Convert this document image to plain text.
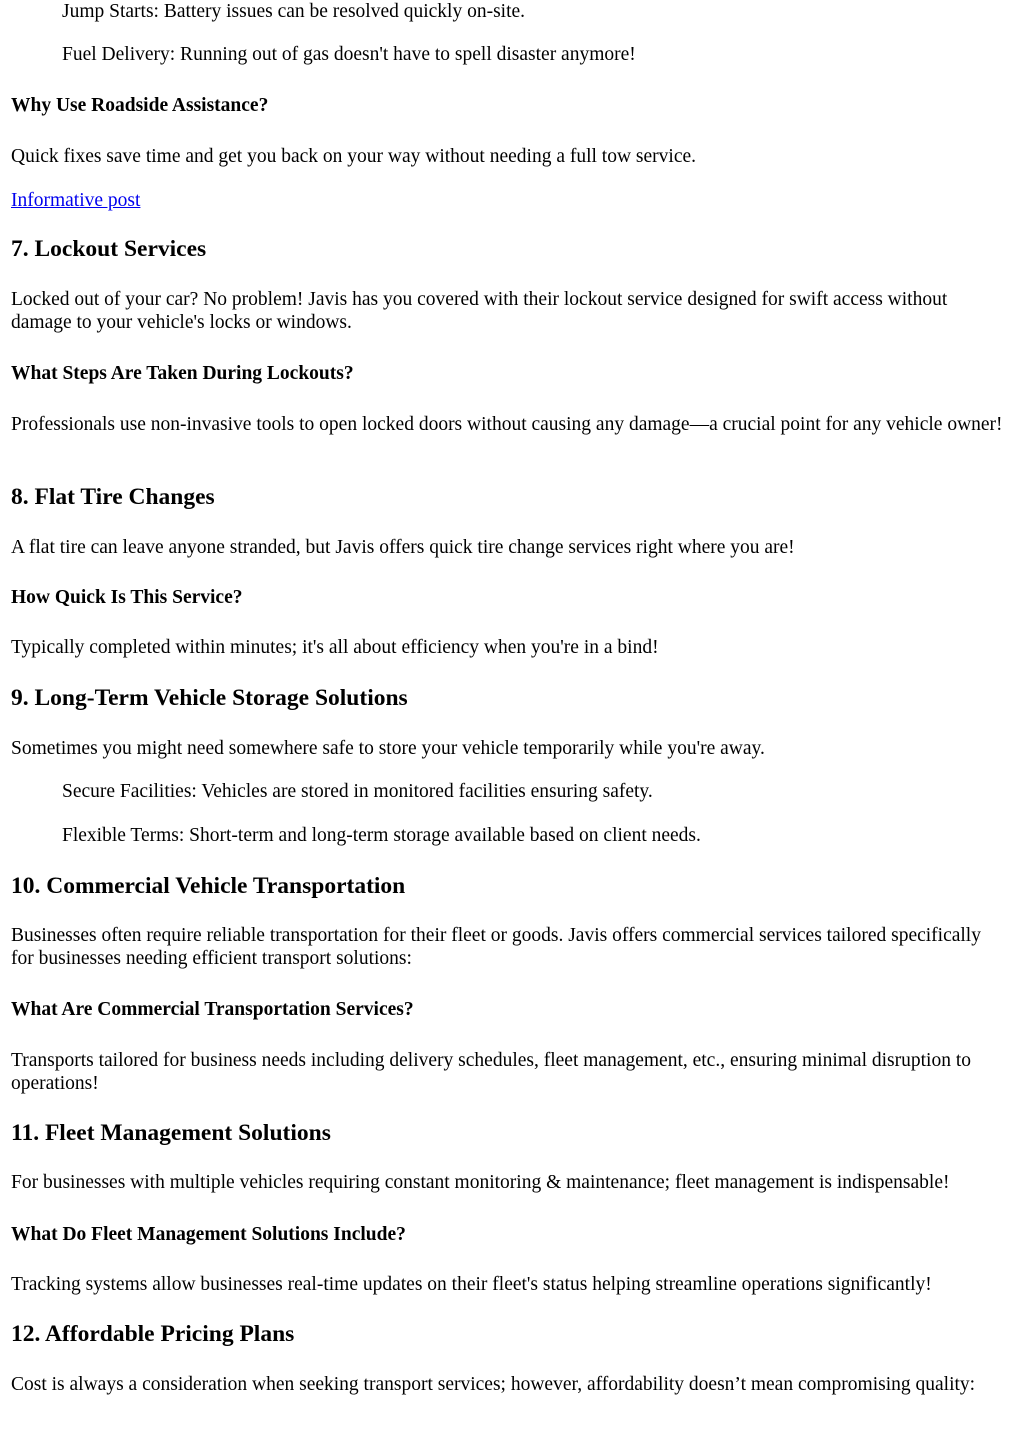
Jump Starts: Battery issues can be resolved quickly on-site.

Fuel Delivery: Running out of gas doesn't have to spell disaster anymore!

Why Use Roadside Assistance?

Quick fixes save time and get you back on your way without needing a full tow service.

Informative post

7. Lockout Services

Locked out of your car? No problem! Javis has you covered with their lockout service designed for swift access without damage to your vehicle's locks or windows.

What Steps Are Taken During Lockouts?

Professionals use non-invasive tools to open locked doors without causing any damage—a crucial point for any vehicle owner!

8. Flat Tire Changes

A flat tire can leave anyone stranded, but Javis offers quick tire change services right where you are!

How Quick Is This Service?

Typically completed within minutes; it's all about efficiency when you're in a bind!

9. Long-Term Vehicle Storage Solutions

Sometimes you might need somewhere safe to store your vehicle temporarily while you're away.

Secure Facilities: Vehicles are stored in monitored facilities ensuring safety.

Flexible Terms: Short-term and long-term storage available based on client needs.

10. Commercial Vehicle Transportation

Businesses often require reliable transportation for their fleet or goods. Javis offers commercial services tailored specifically for businesses needing efficient transport solutions:

What Are Commercial Transportation Services?

Transports tailored for business needs including delivery schedules, fleet management, etc., ensuring minimal disruption to operations!

11. Fleet Management Solutions

For businesses with multiple vehicles requiring constant monitoring & maintenance; fleet management is indispensable!

What Do Fleet Management Solutions Include?

Tracking systems allow businesses real-time updates on their fleet's status helping streamline operations significantly!

12. Affordable Pricing Plans

Cost is always a consideration when seeking transport services; however, affordability doesn’t mean compromising quality:
